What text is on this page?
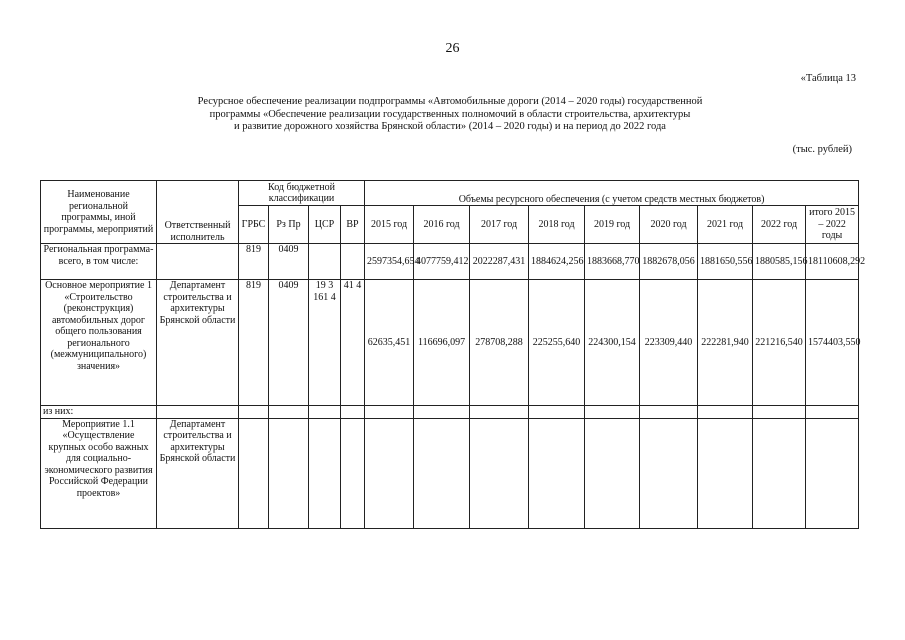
26
«Таблица 13
Ресурсное обеспечение реализации подпрограммы «Автомобильные дороги (2014 – 2020 годы) государственной
программы «Обеспечение реализации государственных полномочий в области строительства, архитектуры
и развитие дорожного хозяйства Брянской области» (2014 – 2020 годы) и на период до 2022 года
(тыс. рублей)
Наименование региональной программы, иной программы, мероприятий	Ответственный исполнитель	Код бюджетной классификации				Объемы ресурсного обеспечения (с учетом средств местных бюджетов)								
		ГРБС	Рз Пр	ЦСР	ВР	2015 год	2016 год	2017 год	2018 год	2019 год	2020 год	2021 год	2022 год	итого 2015 – 2022 годы
Региональная программа- всего, в том числе:		819	0409			2597354,654	4077759,412	2022287,431	1884624,256	1883668,770	1882678,056	1881650,556	1880585,156	18110608,292
Основное мероприятие 1 «Строительство (реконструкция) автомобильных дорог общего пользования регионального (межмуниципального) значения»	Департамент строительства и архитектуры Брянской области	819	0409	19 3 161 4	41 4	62635,451	116696,097	278708,288	225255,640	224300,154	223309,440	222281,940	221216,540	1574403,550
из них:														
Мероприятие 1.1 «Осуществление крупных особо важных для социально-экономического развития Российской Федерации проектов»	Департамент строительства и архитектуры Брянской области													
